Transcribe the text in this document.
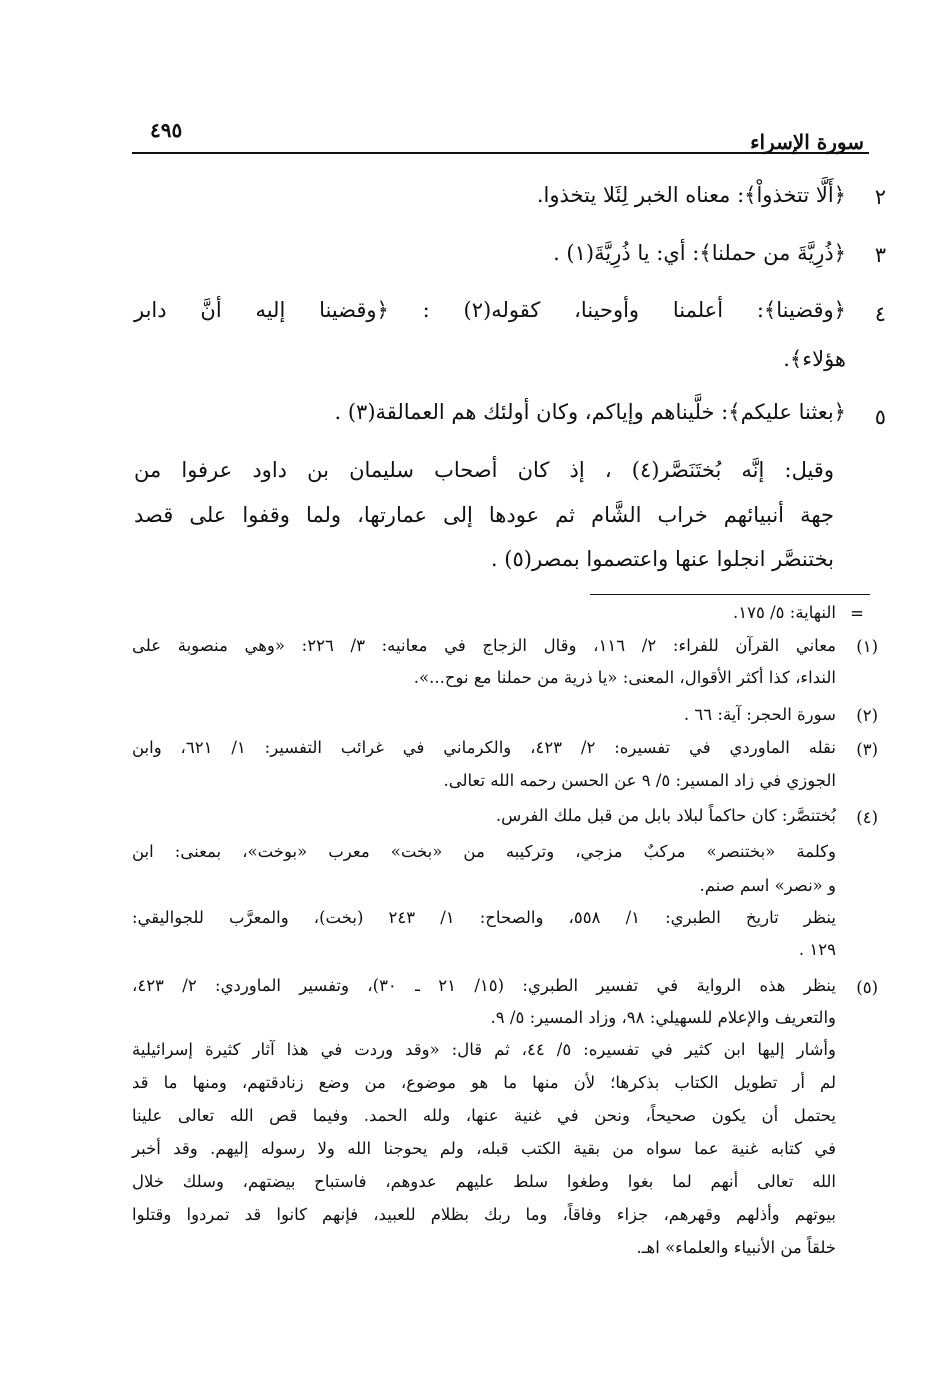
سورة الإسراء
٤٩٥
٢
﴿أَلَّا تتخذواْ﴾: معناه الخبر لِئَلا يتخذوا.
٣
﴿ذُرِيَّةَ من حملنا﴾: أي: يا ذُرِيَّةَ(١) .
٤
﴿وقضينا﴾: أعلمنا وأوحينا، كقوله(٢) : ﴿وقضينا إليه أنَّ دابر
هؤلاء﴾.
٥
﴿بعثنا عليكم﴾: خلَّيناهم وإياكم، وكان أولئك هم العمالقة(٣) .
وقيل: إنَّه بُختَنَصَّر(٤) ، إذ كان أصحاب سليمان بن داود عرفوا من
جهة أنبيائهم خراب الشَّام ثم عودها إلى عمارتها، ولما وقفوا على قصد
بختنصَّر انجلوا عنها واعتصموا بمصر(٥) .
=
النهاية: ٥/ ١٧٥.
(١)
معاني القرآن للفراء: ٢/ ١١٦، وقال الزجاج في معانيه: ٣/ ٢٢٦: «وهي منصوبة على
النداء، كذا أكثر الأقوال، المعنى: «يا ذرية من حملنا مع نوح...».
(٢)
سورة الحجر: آية: ٦٦ .
(٣)
نقله الماوردي في تفسيره: ٢/ ٤٢٣، والكرماني في غرائب التفسير: ١/ ٦٢١، وابن
الجوزي في زاد المسير: ٥/ ٩ عن الحسن رحمه الله تعالى.
(٤)
بُختنصَّر: كان حاكماً لبلاد بابل من قبل ملك الفرس.
وكلمة «بختنصر» مركبٌ مزجي، وتركيبه من «بخت» معرب «بوخت»، بمعنى: ابن
و «نصر» اسم صنم.
ينظر تاريخ الطبري: ١/ ٥٥٨، والصحاح: ١/ ٢٤٣ (بخت)، والمعرَّب للجواليقي:
١٢٩ .
(٥)
ينظر هذه الرواية في تفسير الطبري: (١٥/ ٢١ ـ ٣٠)، وتفسير الماوردي: ٢/ ٤٢٣،
والتعريف والإعلام للسهيلي: ٩٨، وزاد المسير: ٥/ ٩.
وأشار إليها ابن كثير في تفسيره: ٥/ ٤٤، ثم قال: «وقد وردت في هذا آثار كثيرة إسرائيلية
لم أر تطويل الكتاب بذكرها؛ لأن منها ما هو موضوع، من وضع زنادقتهم، ومنها ما قد
يحتمل أن يكون صحيحاً، ونحن في غنية عنها، ولله الحمد. وفيما قص الله تعالى علينا
في كتابه غنية عما سواه من بقية الكتب قبله، ولم يحوجنا الله ولا رسوله إليهم. وقد أخبر
الله تعالى أنهم لما بغوا وطغوا سلط عليهم عدوهم، فاستباح بيضتهم، وسلك خلال
بيوتهم وأذلهم وقهرهم، جزاء وفاقاً، وما ربك بظلام للعبيد، فإنهم كانوا قد تمردوا وقتلوا
خلقاً من الأنبياء والعلماء» اهـ.
